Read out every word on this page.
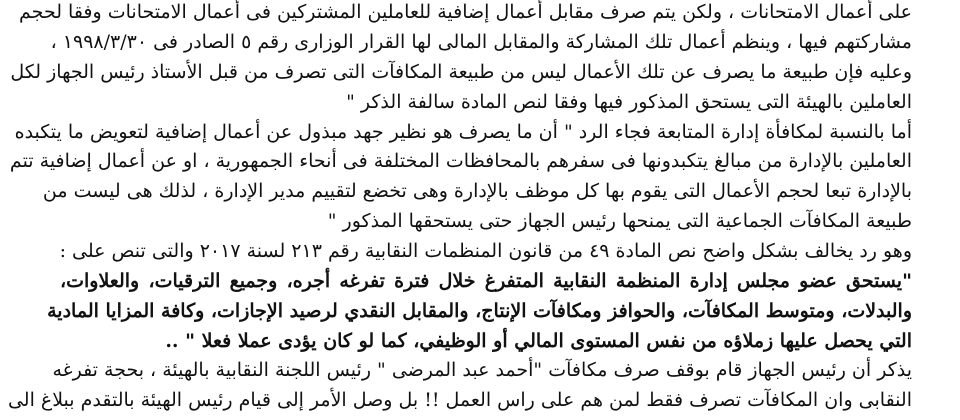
على أعمال الامتحانات ، ولكن يتم صرف مقابل أعمال إضافية للعاملين المشتركين فى أعمال الامتحانات وفقا لحجم
مشاركتهم فيها ، وينظم أعمال تلك المشاركة والمقابل المالى لها القرار الوزارى رقم ٥ الصادر فى ١٩٩٨/٣/٣٠ ،
وعليه فإن طبيعة ما يصرف عن تلك الأعمال ليس من طبيعة المكافآت التى تصرف من قبل الأستاذ رئيس الجهاز لكل
العاملين بالهيئة التى يستحق المذكور فيها وفقا لنص المادة سالفة الذكر "
أما بالنسبة لمكافأة إدارة المتابعة فجاء الرد " أن ما يصرف هو نظير جهد مبذول عن أعمال إضافية لتعويض ما يتكبده
العاملين بالإدارة من مبالغ يتكبدونها فى سفرهم بالمحافظات المختلفة فى أنحاء الجمهورية ، او عن أعمال إضافية تتم
بالإدارة تبعا لحجم الأعمال التى يقوم بها كل موظف بالإدارة وهى تخضع لتقييم مدير الإدارة ، لذلك هى ليست من
طبيعة المكافآت الجماعية التى يمنحها رئيس الجهاز حتى يستحقها المذكور "
وهو رد يخالف بشكل واضح نص المادة ٤٩ من قانون المنظمات النقابية رقم ٢١٣ لسنة ٢٠١٧ والتى تنص على :
"يستحق عضو مجلس إدارة المنظمة النقابية المتفرغ خلال فترة تفرغه أجره، وجميع الترقيات، والعلاوات،
والبدلات، ومتوسط المكافآت، والحوافز ومكافآت الإنتاج، والمقابل النقدي لرصيد الإجازات، وكافة المزايا المادية
التي يحصل عليها زملاؤه من نفس المستوى المالي أو الوظيفي، كما لو كان يؤدى عملا فعلا " ..
يذكر أن رئيس الجهاز قام بوقف صرف مكافآت "أحمد عبد المرضى " رئيس اللجنة النقابية بالهيئة ، بحجة تفرغه
النقابى وان المكافآت تصرف فقط لمن هم على راس العمل !! بل وصل الأمر إلى قيام رئيس الهيئة بالتقدم ببلاغ الى
